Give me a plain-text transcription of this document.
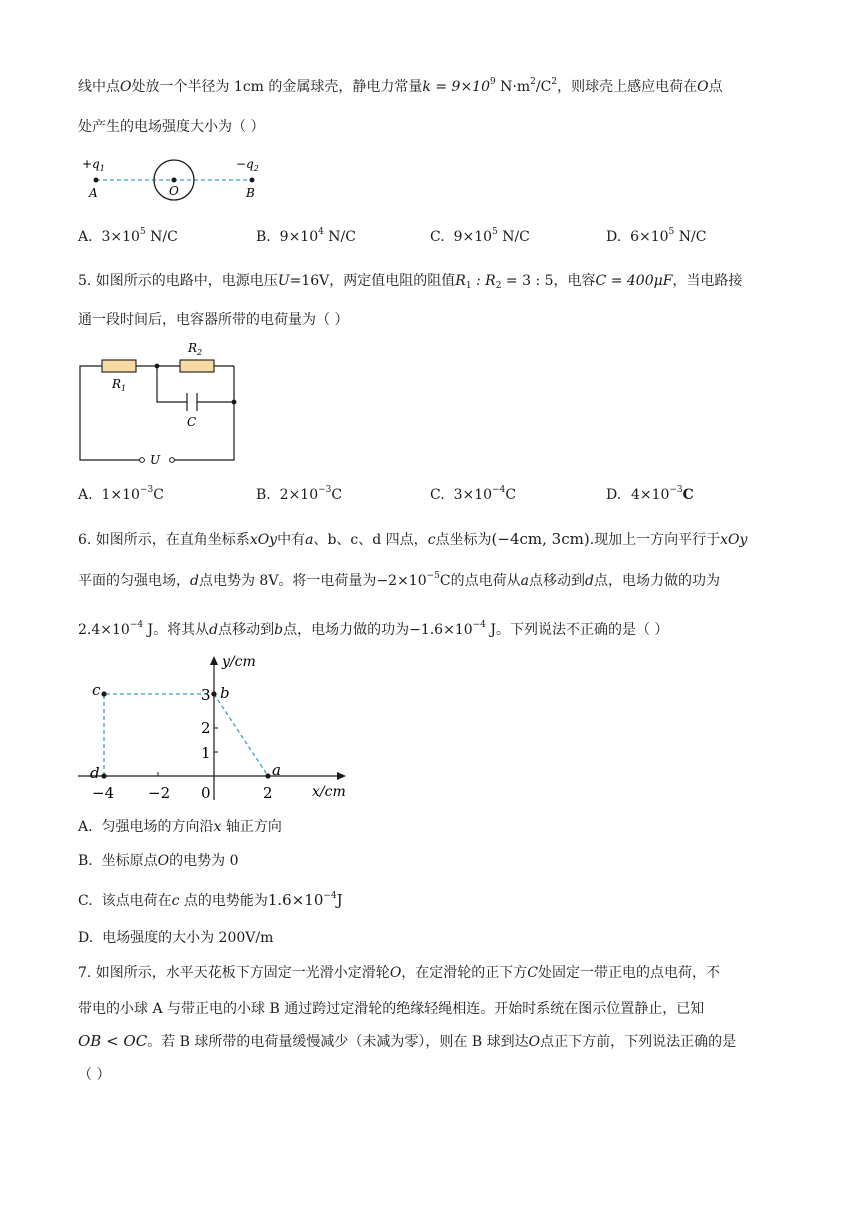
线中点O处放一个半径为 1cm 的金属球壳，静电力常量$k = 9\times 10^9$ $N\cdot m^2/C^2$，则球壳上感应电荷在O点
处产生的电场强度大小为（ ）
$+q_1$	$-q_2$
A	O	B
A. $3\times 10^5$ N/C	B. $9\times 10^4$ N/C	C. $9\times 10^5$ N/C	D. $6\times 10^5$ N/C
5. 如图所示的电路中，电源电压U=16V，两定值电阻的阻值$R_1$ : $R_2 = 3$ : 5，电容C = 400μF，当电路接
通一段时间后，电容器所带的电荷量为（ ）
$R_1$
$R_2$
C
U
A. $1\times 10^{-3}C$	B. $2\times 10^{-3}C$	C. $3\times 10^{-4}C$	D. $4\times 10^{-3}C$
6. 如图所示，在直角坐标系xOy中有a、b、c、d 四点，c点坐标为(−4cm, 3cm).现加上一方向平行于xOy
平面的匀强电场，d点电势为 8V。将一电荷量为$-2\times 10^{-5}C$的点电荷从a点移动到d点，电场力做的功为
$2.4\times 10^{-4}$ J。将其从d点移动到b点，电场力做的功为$-1.6\times 10^{-4}$ J。下列说法不正确的是（ ）
y/cm
x/cm
0
−4 −2	2
3
2
1
c	b
d	a
A. 匀强电场的方向沿x 轴正方向
B. 坐标原点O的电势为 0
C. 该点电荷在c 点的电势能为$1.6\times 10^{-4}J$
D. 电场强度的大小为 200V/m
7. 如图所示，水平天花板下方固定一光滑小定滑轮O，在定滑轮的正下方C处固定一带正电的点电荷，不
带电的小球 A 与带正电的小球 B 通过跨过定滑轮的绝缘轻绳相连。开始时系统在图示位置静止，已知
OB < OC。若 B 球所带的电荷量缓慢减少（未减为零），则在 B 球到达O点正下方前，下列说法正确的是
（ ）
